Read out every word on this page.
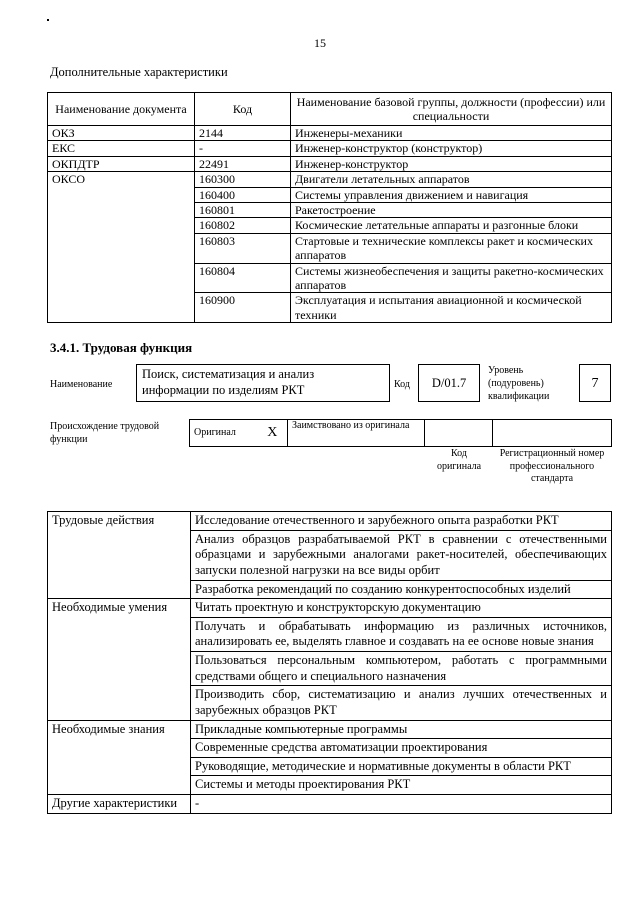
15
Дополнительные характеристики
Наименование документа	Код	Наименование базовой группы, должности (профессии) или специальности
ОКЗ	2144	Инженеры-механики
ЕКС	-	Инженер-конструктор (конструктор)
ОКПДТР	22491	Инженер-конструктор
ОКСО	160300	Двигатели летательных аппаратов
	160400	Системы управления движением и навигация
	160801	Ракетостроение
	160802	Космические летательные аппараты и разгонные блоки
	160803	Стартовые и технические комплексы ракет и космических аппаратов
	160804	Системы жизнеобеспечения и защиты ракетно-космических аппаратов
	160900	Эксплуатация и испытания авиационной и космической техники
3.4.1. Трудовая функция
Наименование
Поиск, систематизация и анализ информации по изделиям РКТ	Код	D/01.7
Уровень (подуровень) квалификации
7
Происхождение трудовой функции
Оригинал	X	Заимствовано из оригинала		
Код оригинала
Регистрационный номер профессионального стандарта
Трудовые действия	Исследование отечественного и зарубежного опыта разработки РКТ
	Анализ образцов разрабатываемой РКТ в сравнении с отечественными образцами и зарубежными аналогами ракет-носителей, обеспечивающих запуски полезной нагрузки на все виды орбит
	Разработка рекомендаций по созданию конкурентоспособных изделий
Необходимые умения	Читать проектную и конструкторскую документацию
	Получать и обрабатывать информацию из различных источников, анализировать ее, выделять главное и создавать на ее основе новые знания
	Пользоваться персональным компьютером, работать с программными средствами общего и специального назначения
	Производить сбор, систематизацию и анализ лучших отечественных и зарубежных образцов РКТ
Необходимые знания	Прикладные компьютерные программы
	Современные средства автоматизации проектирования
	Руководящие, методические и нормативные документы в области РКТ
	Системы и методы проектирования РКТ
Другие характеристики	-
